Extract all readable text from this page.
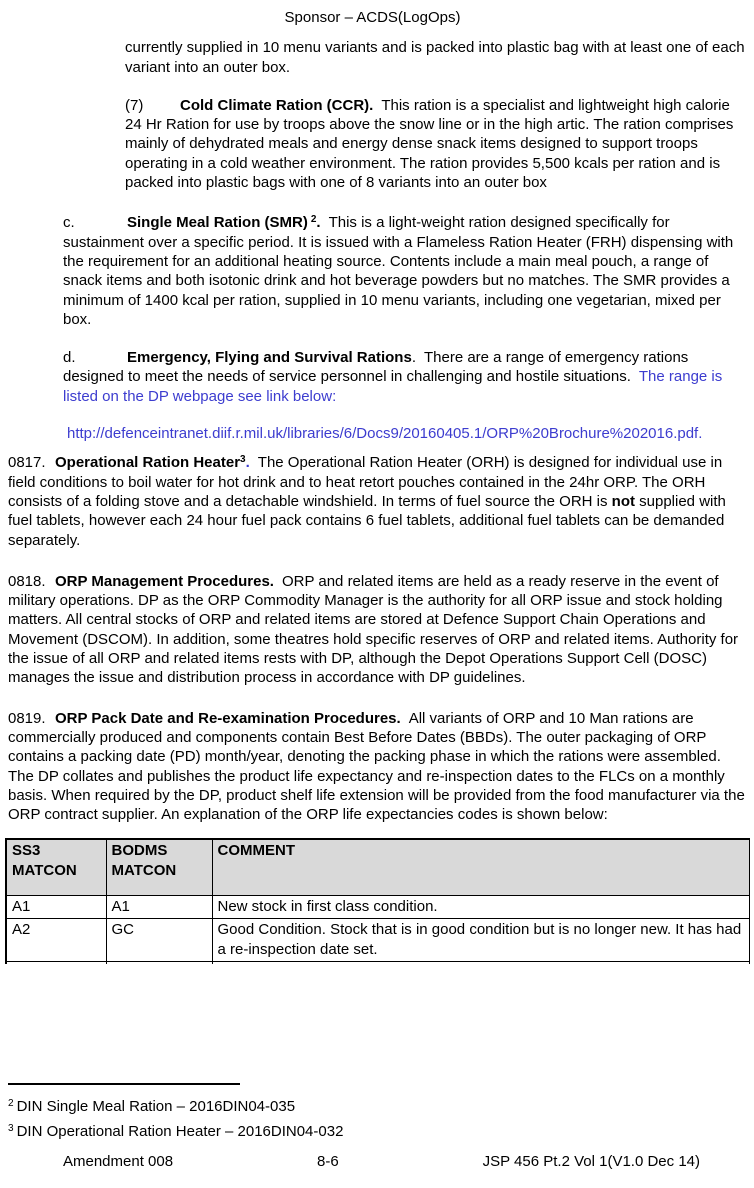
Sponsor – ACDS(LogOps)

currently supplied in 10 menu variants and is packed into plastic bag with at least one of each variant into an outer box.

(7) Cold Climate Ration (CCR). This ration is a specialist and lightweight high calorie 24 Hr Ration for use by troops above the snow line or in the high artic. The ration comprises mainly of dehydrated meals and energy dense snack items designed to support troops operating in a cold weather environment. The ration provides 5,500 kcals per ration and is packed into plastic bags with one of 8 variants into an outer box

c.	Single Meal Ration (SMR) $^2$. This is a light-weight ration designed specifically for sustainment over a specific period. It is issued with a Flameless Ration Heater (FRH) dispensing with the requirement for an additional heating source. Contents include a main meal pouch, a range of snack items and both isotonic drink and hot beverage powders but no matches. The SMR provides a minimum of 1400 kcal per ration, supplied in 10 menu variants, including one vegetarian, mixed per box.

d.	Emergency, Flying and Survival Rations. There are a range of emergency rations designed to meet the needs of service personnel in challenging and hostile situations. The range is listed on the DP webpage see link below:

http://defenceintranet.diif.r.mil.uk/libraries/6/Docs9/20160405.1/ORP%20Brochure%202016.pdf.

0817. Operational Ration Heater$^3$. The Operational Ration Heater (ORH) is designed for individual use in field conditions to boil water for hot drink and to heat retort pouches contained in the 24hr ORP. The ORH consists of a folding stove and a detachable windshield. In terms of fuel source the ORH is not supplied with fuel tablets, however each 24 hour fuel pack contains 6 fuel tablets, additional fuel tablets can be demanded separately.

0818. ORP Management Procedures. ORP and related items are held as a ready reserve in the event of military operations. DP as the ORP Commodity Manager is the authority for all ORP issue and stock holding matters. All central stocks of ORP and related items are stored at Defence Support Chain Operations and Movement (DSCOM). In addition, some theatres hold specific reserves of ORP and related items. Authority for the issue of all ORP and related items rests with DP, although the Depot Operations Support Cell (DOSC) manages the issue and distribution process in accordance with DP guidelines.

0819. ORP Pack Date and Re-examination Procedures. All variants of ORP and 10 Man rations are commercially produced and components contain Best Before Dates (BBDs). The outer packaging of ORP contains a packing date (PD) month/year, denoting the packing phase in which the rations were assembled. The DP collates and publishes the product life expectancy and re-inspection dates to the FLCs on a monthly basis. When required by the DP, product shelf life extension will be provided from the food manufacturer via the ORP contract supplier. An explanation of the ORP life expectancies codes is shown below:

SS3 MATCON	BODMS MATCON	COMMENT
A1	A1	New stock in first class condition.
A2	GC	Good Condition. Stock that is in good condition but is no longer new. It has had a re-inspection date set.

$^2$ DIN Single Meal Ration – 2016DIN04-035
$^3$ DIN Operational Ration Heater – 2016DIN04-032
Amendment 008	8-6	JSP 456 Pt.2 Vol 1(V1.0 Dec 14)
